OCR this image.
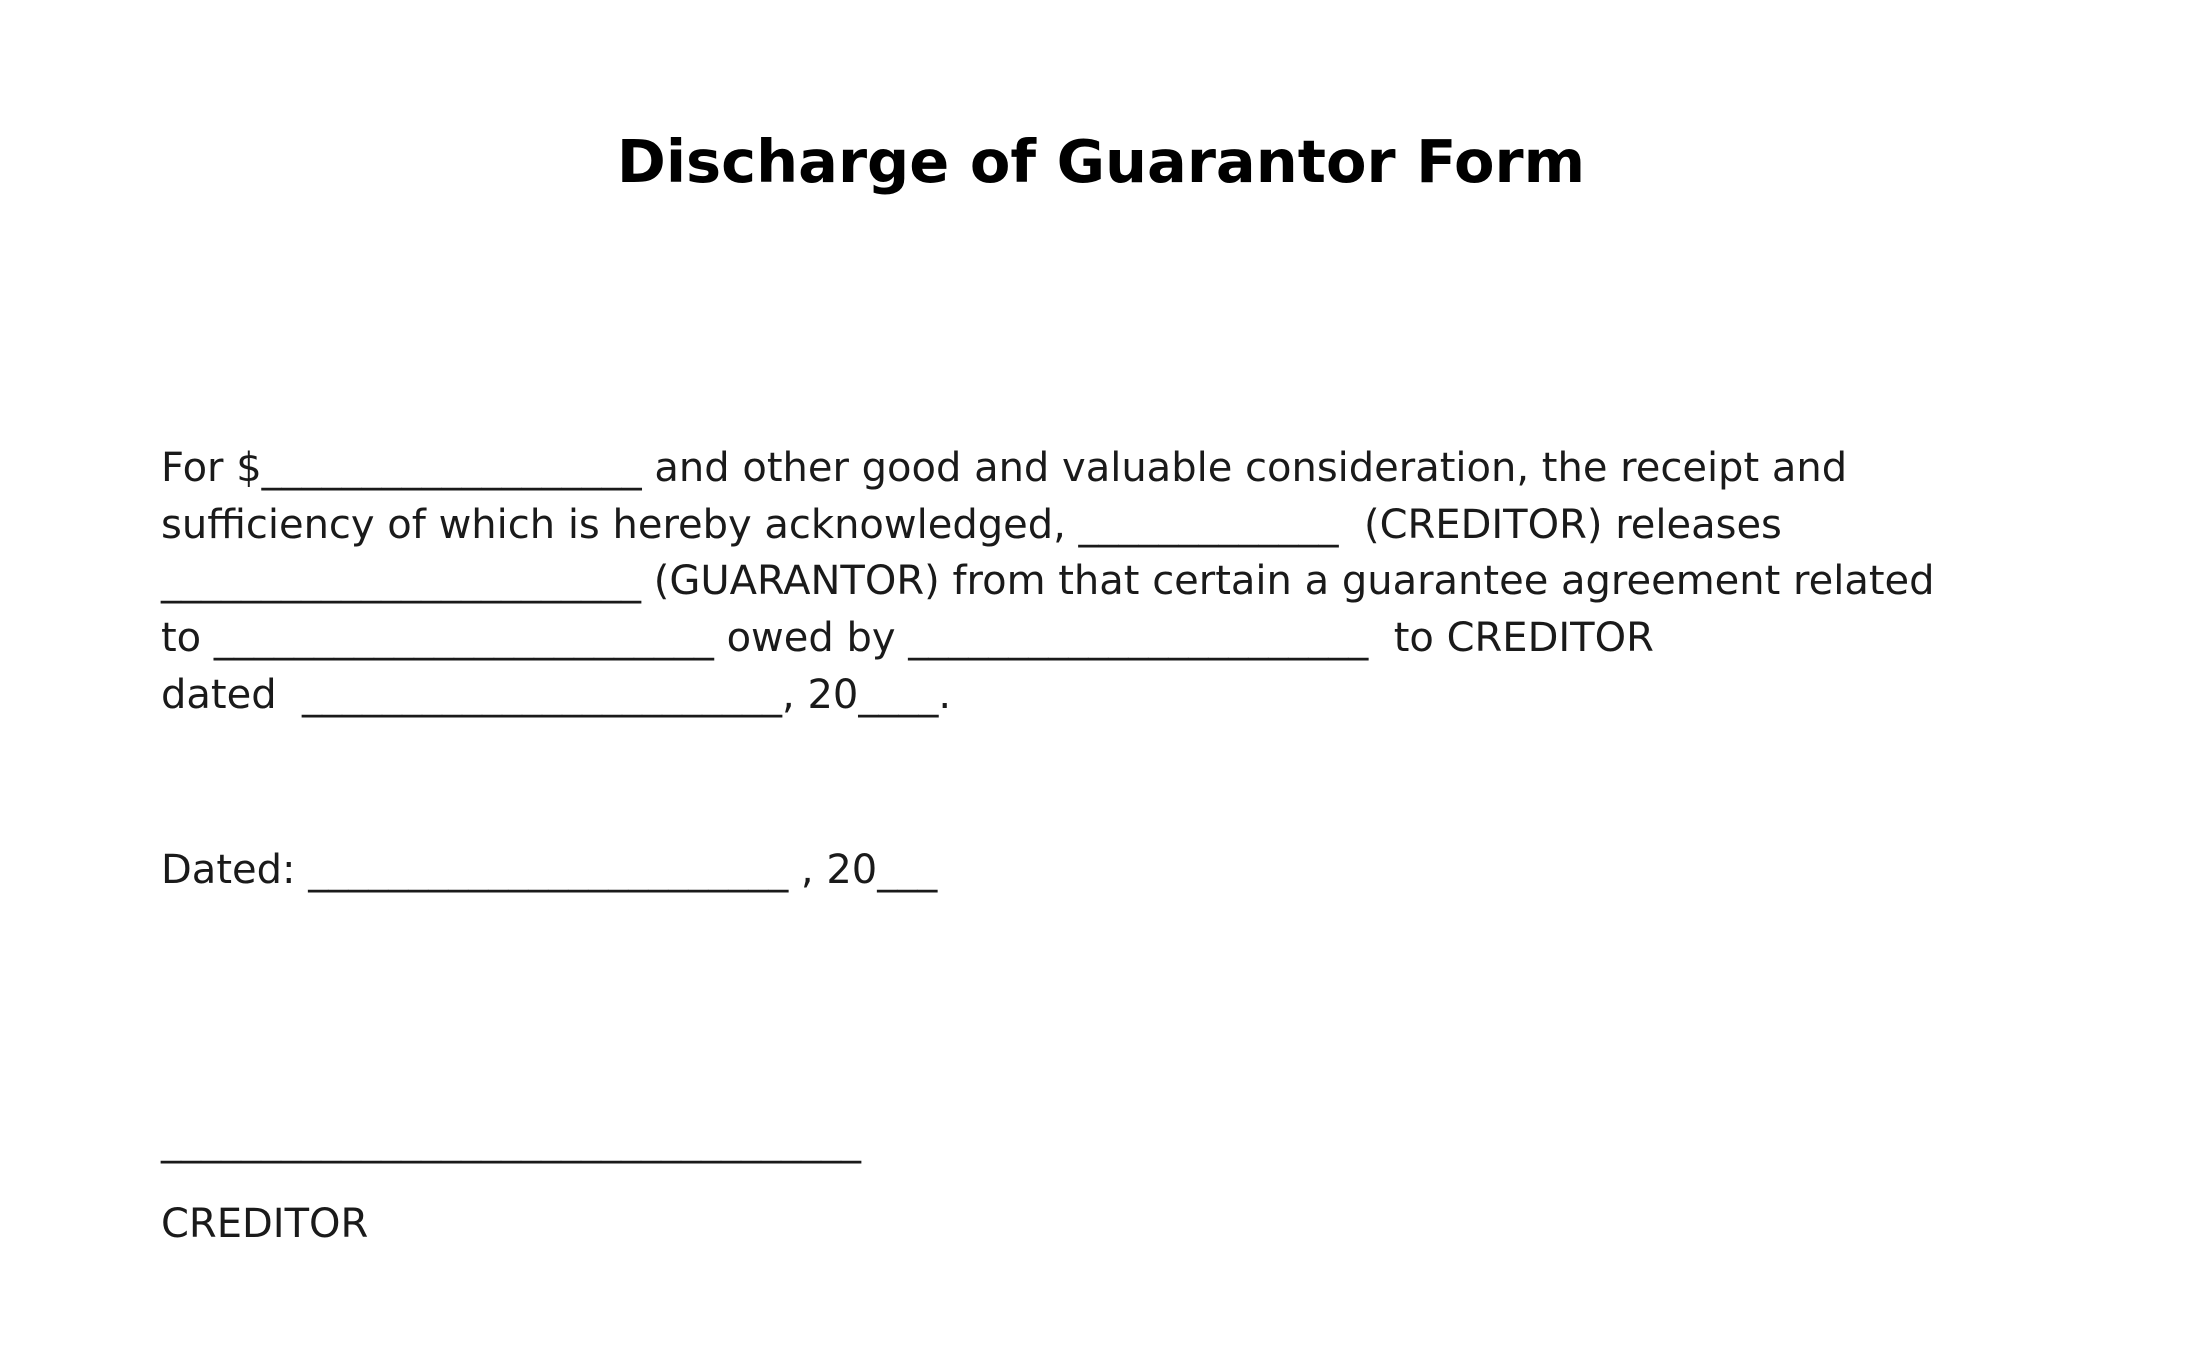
Discharge of Guarantor Form
For $___________________ and other good and valuable consideration, the receipt and
sufficiency of which is hereby acknowledged, _____________  (CREDITOR) releases
________________________ (GUARANTOR) from that certain a guarantee agreement related
to _________________________ owed by _______________________  to CREDITOR
dated  ________________________, 20____.
Dated: ________________________ , 20___
___________________________________
CREDITOR
